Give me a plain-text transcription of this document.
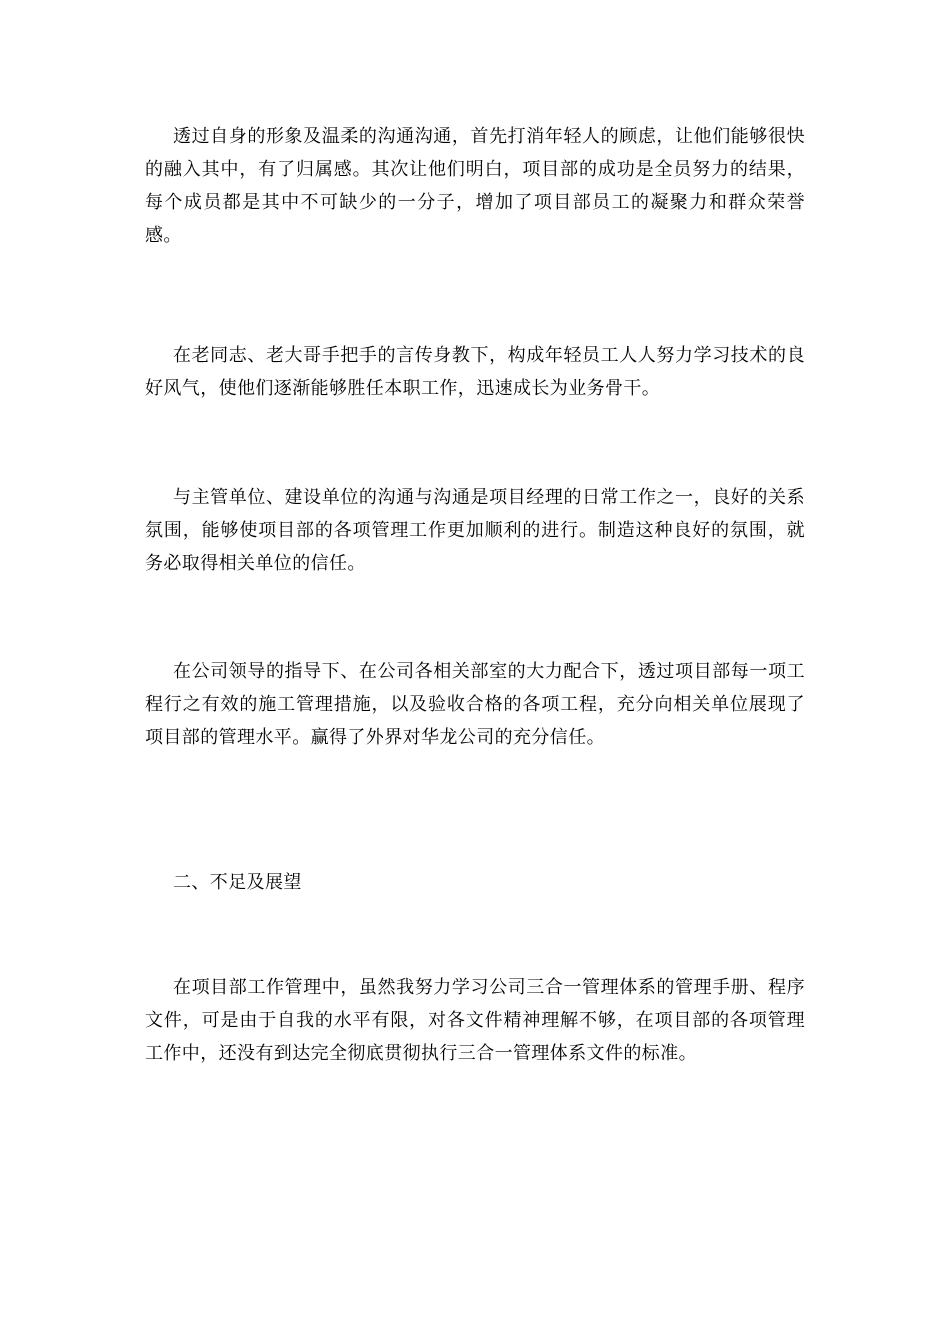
透过自身的形象及温柔的沟通沟通，首先打消年轻人的顾虑，让他们能够很快的融入其中，有了归属感。其次让他们明白，项目部的成功是全员努力的结果，每个成员都是其中不可缺少的一分子，增加了项目部员工的凝聚力和群众荣誉感。

在老同志、老大哥手把手的言传身教下，构成年轻员工人人努力学习技术的良好风气，使他们逐渐能够胜任本职工作，迅速成长为业务骨干。

与主管单位、建设单位的沟通与沟通是项目经理的日常工作之一，良好的关系氛围，能够使项目部的各项管理工作更加顺利的进行。制造这种良好的氛围，就务必取得相关单位的信任。

在公司领导的指导下、在公司各相关部室的大力配合下，透过项目部每一项工程行之有效的施工管理措施，以及验收合格的各项工程，充分向相关单位展现了项目部的管理水平。赢得了外界对华龙公司的充分信任。

二、不足及展望

在项目部工作管理中，虽然我努力学习公司三合一管理体系的管理手册、程序文件，可是由于自我的水平有限，对各文件精神理解不够，在项目部的各项管理工作中，还没有到达完全彻底贯彻执行三合一管理体系文件的标准。
